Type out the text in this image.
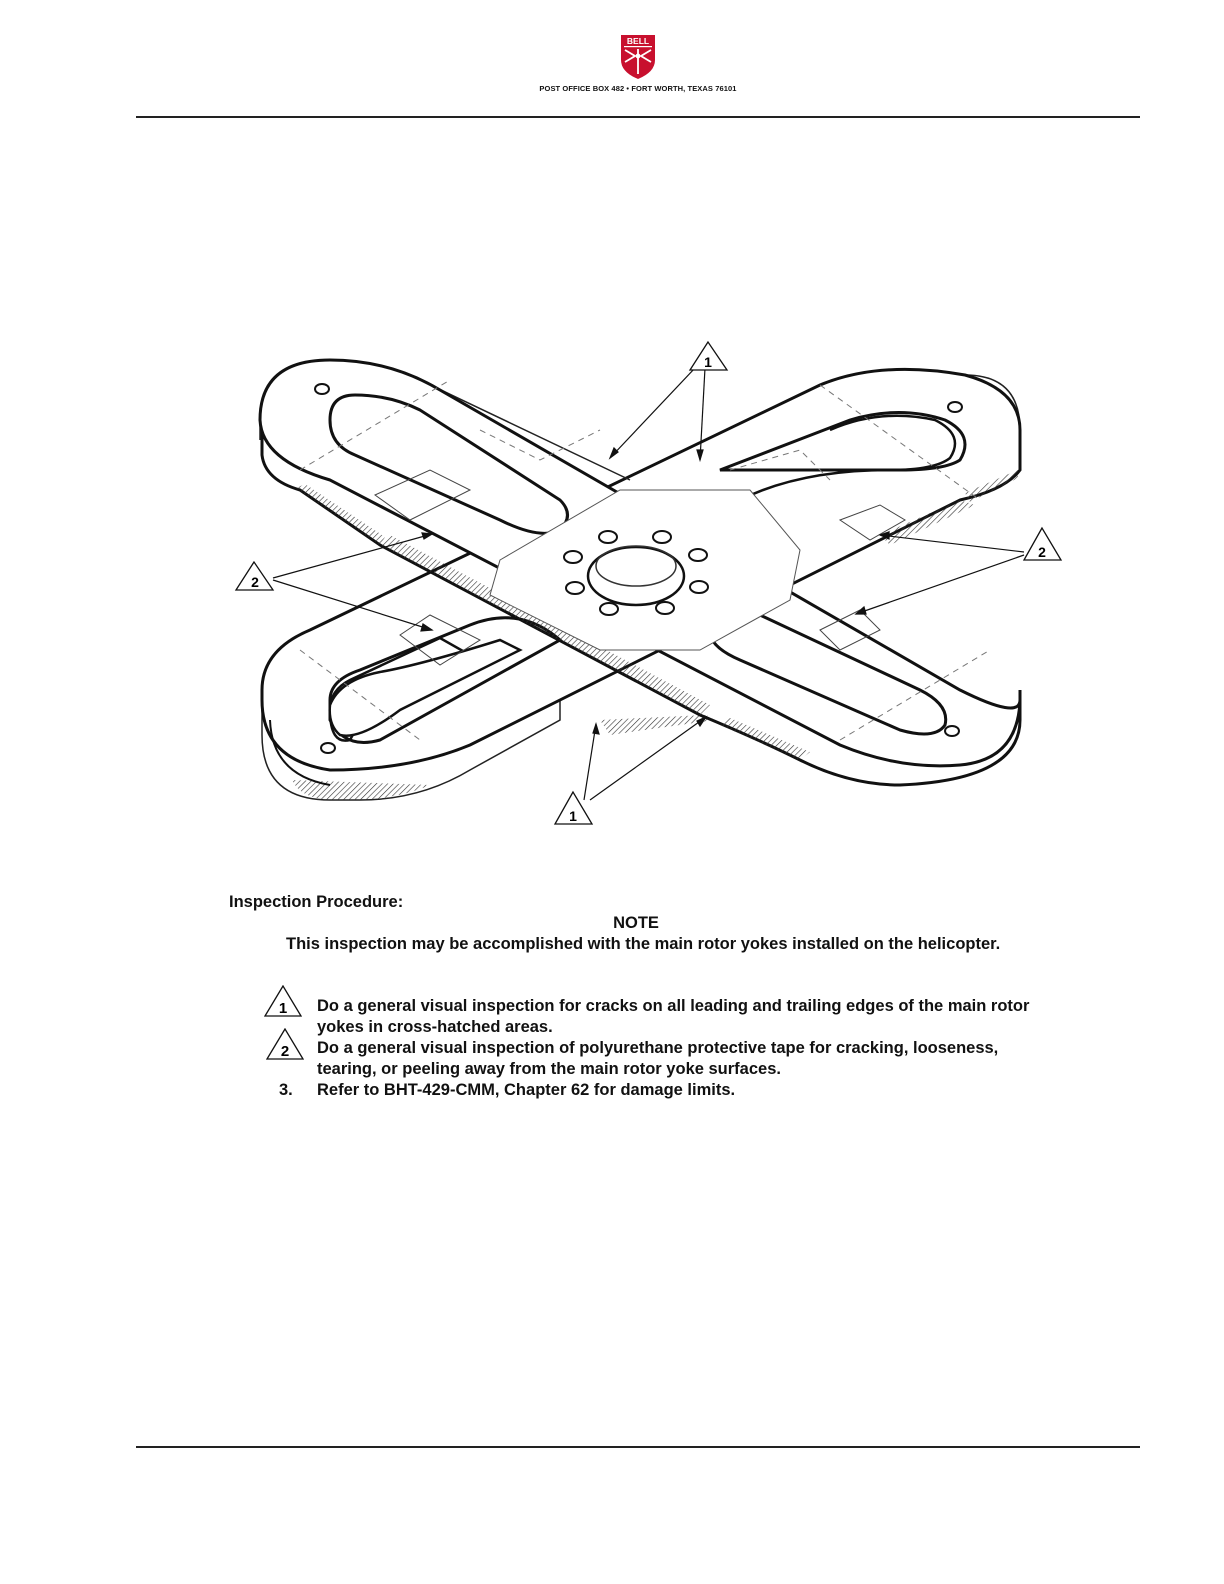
BELL
POST OFFICE BOX 482 • FORT WORTH, TEXAS 76101
1
2
2
1
Inspection Procedure:
NOTE
This inspection may be accomplished with the main rotor yokes installed on the helicopter.
1 Do a general visual inspection for cracks on all leading and trailing edges of the main rotor yokes in cross-hatched areas.
2 Do a general visual inspection of polyurethane protective tape for cracking, looseness, tearing, or peeling away from the main rotor yoke surfaces.
3. Refer to BHT-429-CMM, Chapter 62 for damage limits.
